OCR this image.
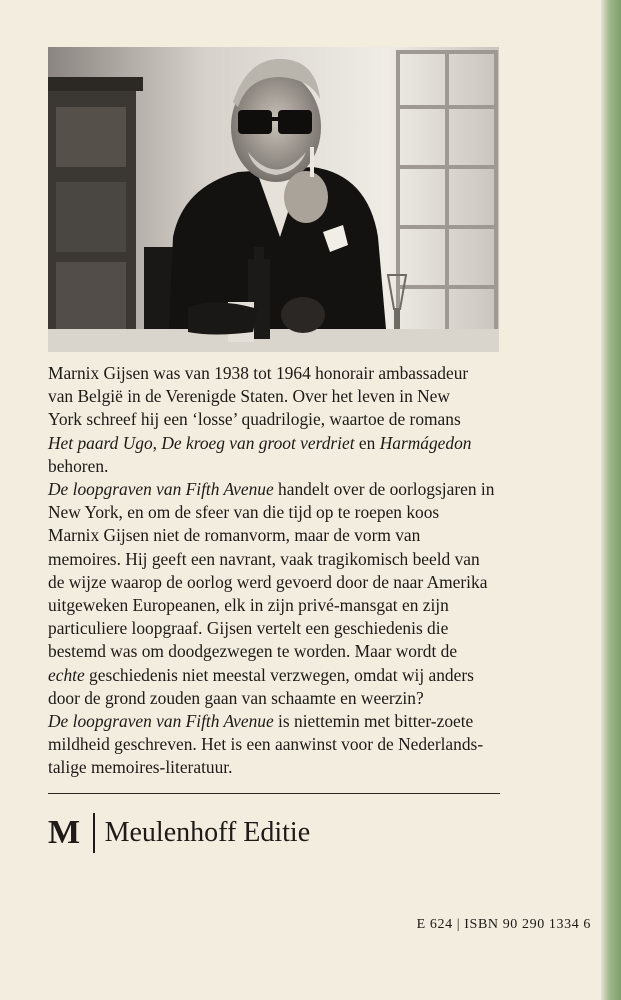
Marnix Gijsen was van 1938 tot 1964 honorair ambassadeur
van België in de Verenigde Staten. Over het leven in New
York schreef hij een ‘losse’ quadrilogie, waartoe de romans
Het paard Ugo, De kroeg van groot verdriet en Harmágedon
behoren.

De loopgraven van Fifth Avenue handelt over de oorlogsjaren in
New York, en om de sfeer van die tijd op te roepen koos
Marnix Gijsen niet de romanvorm, maar de vorm van
memoires. Hij geeft een navrant, vaak tragikomisch beeld van
de wijze waarop de oorlog werd gevoerd door de naar Amerika
uitgeweken Europeanen, elk in zijn privé-mansgat en zijn
particuliere loopgraaf. Gijsen vertelt een geschiedenis die
bestemd was om doodgezwegen te worden. Maar wordt de
echte geschiedenis niet meestal verzwegen, omdat wij anders
door de grond zouden gaan van schaamte en weerzin?
De loopgraven van Fifth Avenue is niettemin met bitter-zoete
mildheid geschreven. Het is een aanwinst voor de Nederlands-
talige memoires-literatuur.

M Meulenhoff Editie
E 624 | ISBN 90 290 1334 6
